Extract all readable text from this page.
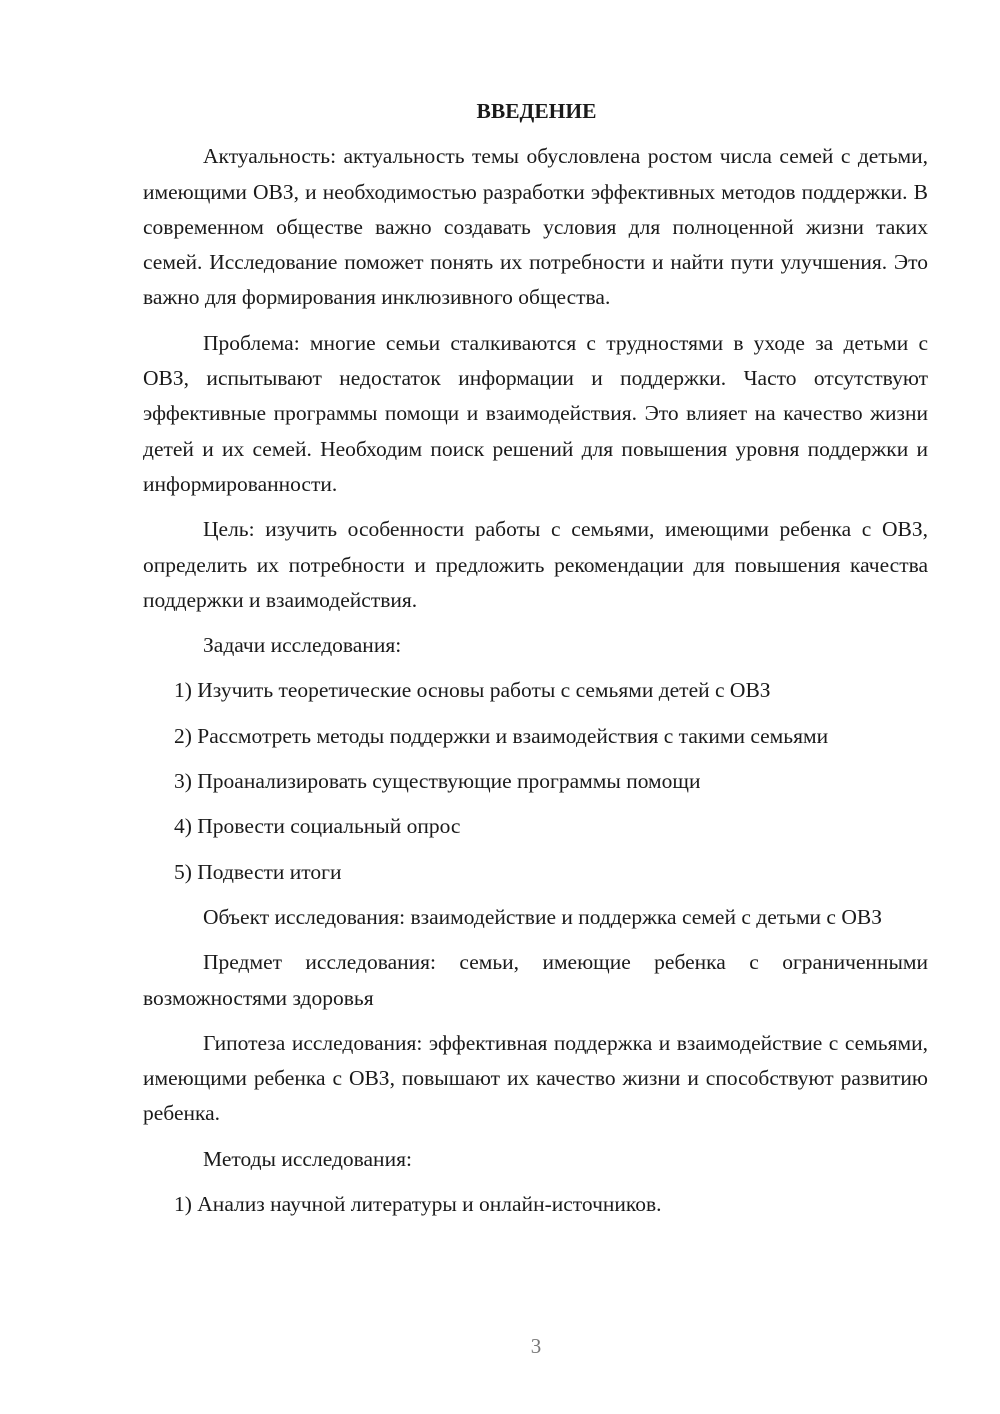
ВВЕДЕНИЕ
Актуальность: актуальность темы обусловлена ростом числа семей с детьми, имеющими ОВЗ, и необходимостью разработки эффективных методов поддержки. В современном обществе важно создавать условия для полноценной жизни таких семей. Исследование поможет понять их потребности и найти пути улучшения. Это важно для формирования инклюзивного общества.
Проблема: многие семьи сталкиваются с трудностями в уходе за детьми с ОВЗ, испытывают недостаток информации и поддержки. Часто отсутствуют эффективные программы помощи и взаимодействия. Это влияет на качество жизни детей и их семей. Необходим поиск решений для повышения уровня поддержки и информированности.
Цель: изучить особенности работы с семьями, имеющими ребенка с ОВЗ, определить их потребности и предложить рекомендации для повышения качества поддержки и взаимодействия.
Задачи исследования:
1) Изучить теоретические основы работы с семьями детей с ОВЗ
2) Рассмотреть методы поддержки и взаимодействия с такими семьями
3) Проанализировать существующие программы помощи
4) Провести социальный опрос
5) Подвести итоги
Объект исследования: взаимодействие и поддержка семей с детьми с ОВЗ
Предмет исследования: семьи, имеющие ребенка с ограниченными возможностями здоровья
Гипотеза исследования: эффективная поддержка и взаимодействие с семьями, имеющими ребенка с ОВЗ, повышают их качество жизни и способствуют развитию ребенка.
Методы исследования:
1) Анализ научной литературы и онлайн-источников.
3
